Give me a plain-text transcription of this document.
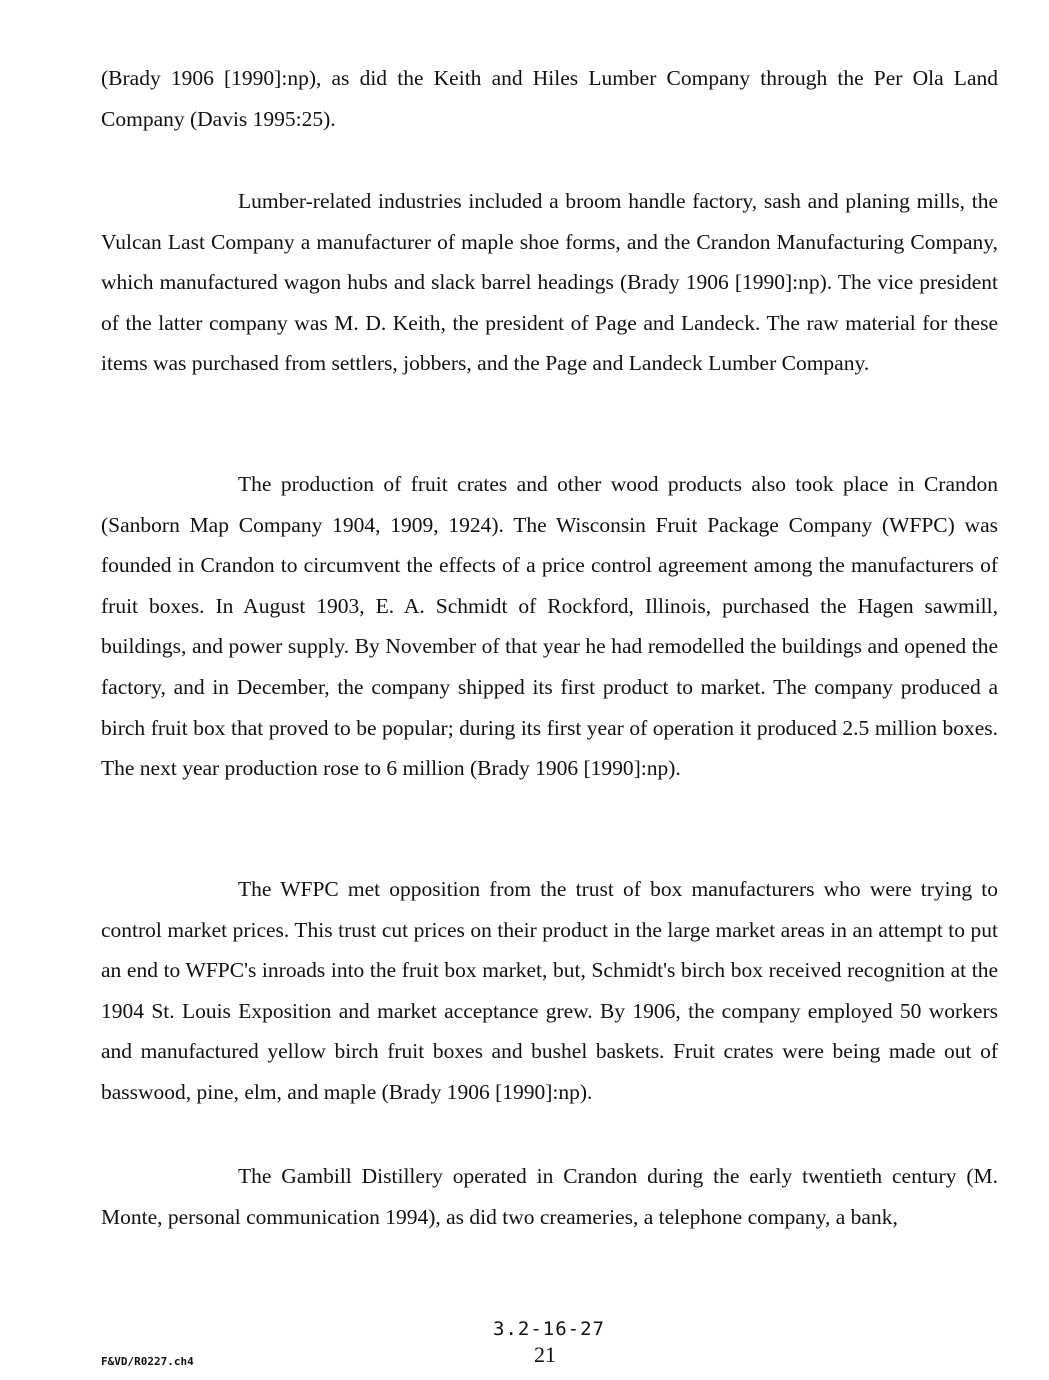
(Brady 1906 [1990]:np), as did the Keith and Hiles Lumber Company through the Per Ola Land Company (Davis 1995:25).

Lumber-related industries included a broom handle factory, sash and planing mills, the Vulcan Last Company a manufacturer of maple shoe forms, and the Crandon Manufacturing Company, which manufactured wagon hubs and slack barrel headings (Brady 1906 [1990]:np). The vice president of the latter company was M. D. Keith, the president of Page and Landeck. The raw material for these items was purchased from settlers, jobbers, and the Page and Landeck Lumber Company.

The production of fruit crates and other wood products also took place in Crandon (Sanborn Map Company 1904, 1909, 1924). The Wisconsin Fruit Package Company (WFPC) was founded in Crandon to circumvent the effects of a price control agreement among the manufacturers of fruit boxes. In August 1903, E. A. Schmidt of Rockford, Illinois, purchased the Hagen sawmill, buildings, and power supply. By November of that year he had remodelled the buildings and opened the factory, and in December, the company shipped its first product to market. The company produced a birch fruit box that proved to be popular; during its first year of operation it produced 2.5 million boxes. The next year production rose to 6 million (Brady 1906 [1990]:np).

The WFPC met opposition from the trust of box manufacturers who were trying to control market prices. This trust cut prices on their product in the large market areas in an attempt to put an end to WFPC's inroads into the fruit box market, but, Schmidt's birch box received recognition at the 1904 St. Louis Exposition and market acceptance grew. By 1906, the company employed 50 workers and manufactured yellow birch fruit boxes and bushel baskets. Fruit crates were being made out of basswood, pine, elm, and maple (Brady 1906 [1990]:np).

The Gambill Distillery operated in Crandon during the early twentieth century (M. Monte, personal communication 1994), as did two creameries, a telephone company, a bank,

3.2-16-27

21

F&VD/R0227.ch4
